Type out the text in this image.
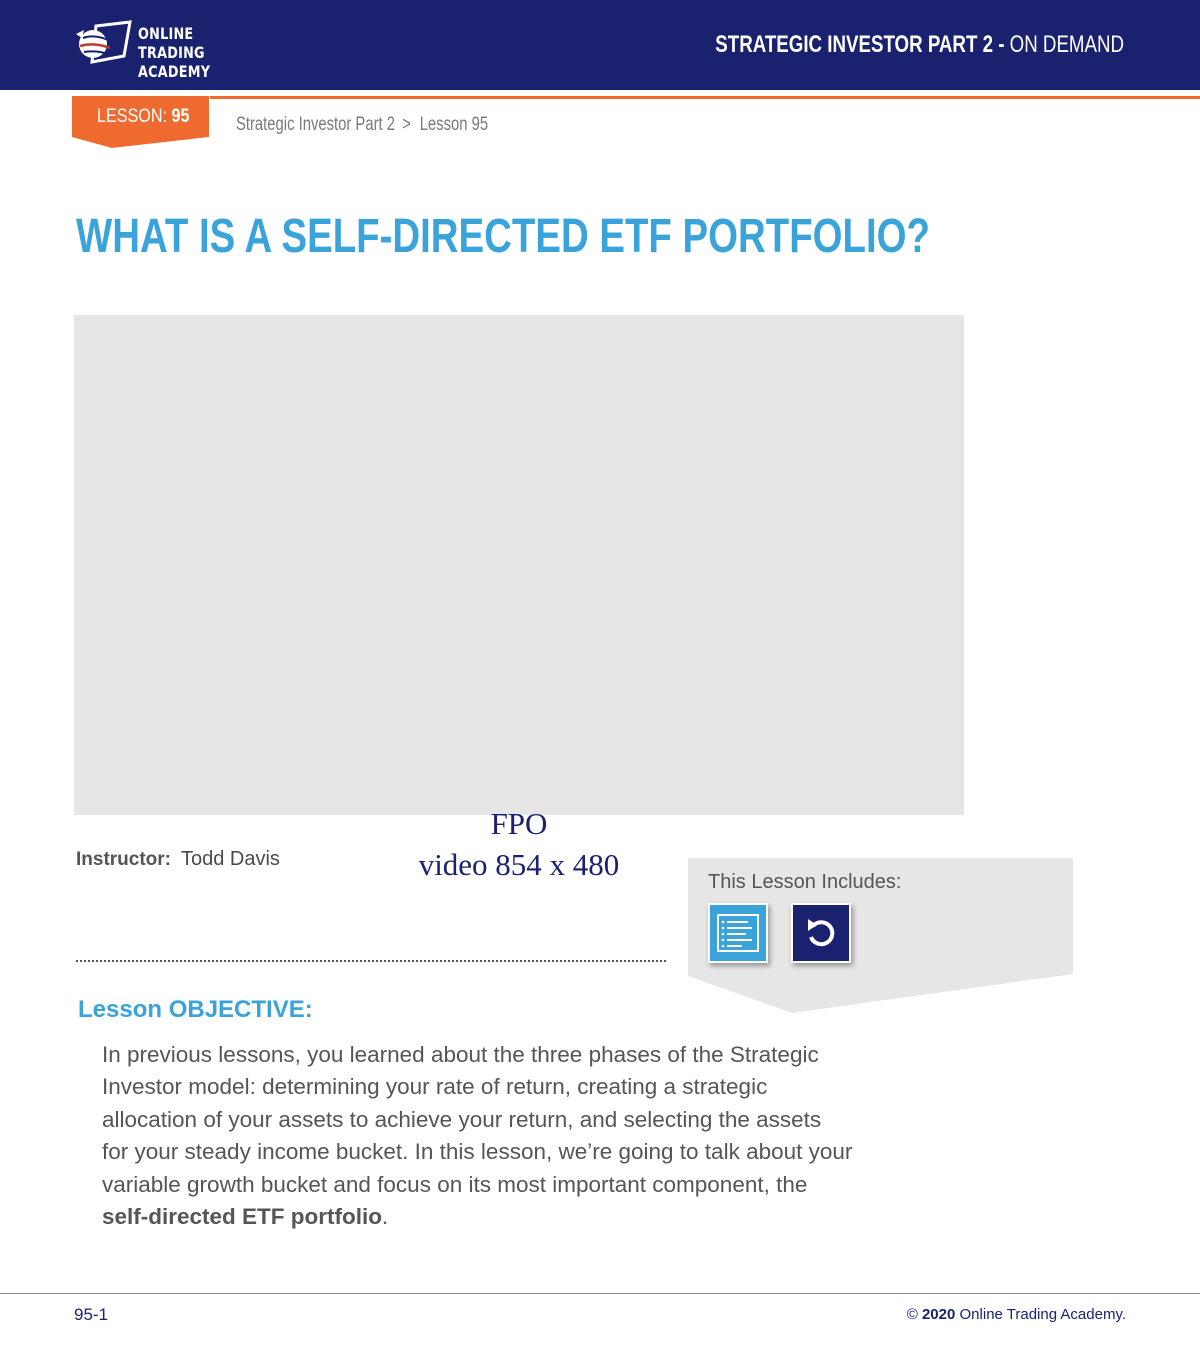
ONLINE TRADING
ACADEMY
STRATEGIC INVESTOR PART 2 - ON DEMAND
LESSON: 95 Strategic Investor Part 2 > Lesson 95
WHAT IS A SELF-DIRECTED ETF PORTFOLIO?
FPO
video 854 x 480
Instructor: Todd Davis
This Lesson Includes:
Lesson OBJECTIVE:

In previous lessons, you learned about the three phases of the Strategic
Investor model: determining your rate of return, creating a strategic
allocation of your assets to achieve your return, and selecting the assets
for your steady income bucket. In this lesson, we’re going to talk about your
variable growth bucket and focus on its most important component, the
self-directed ETF portfolio.

95-1	© 2020 Online Trading Academy.
